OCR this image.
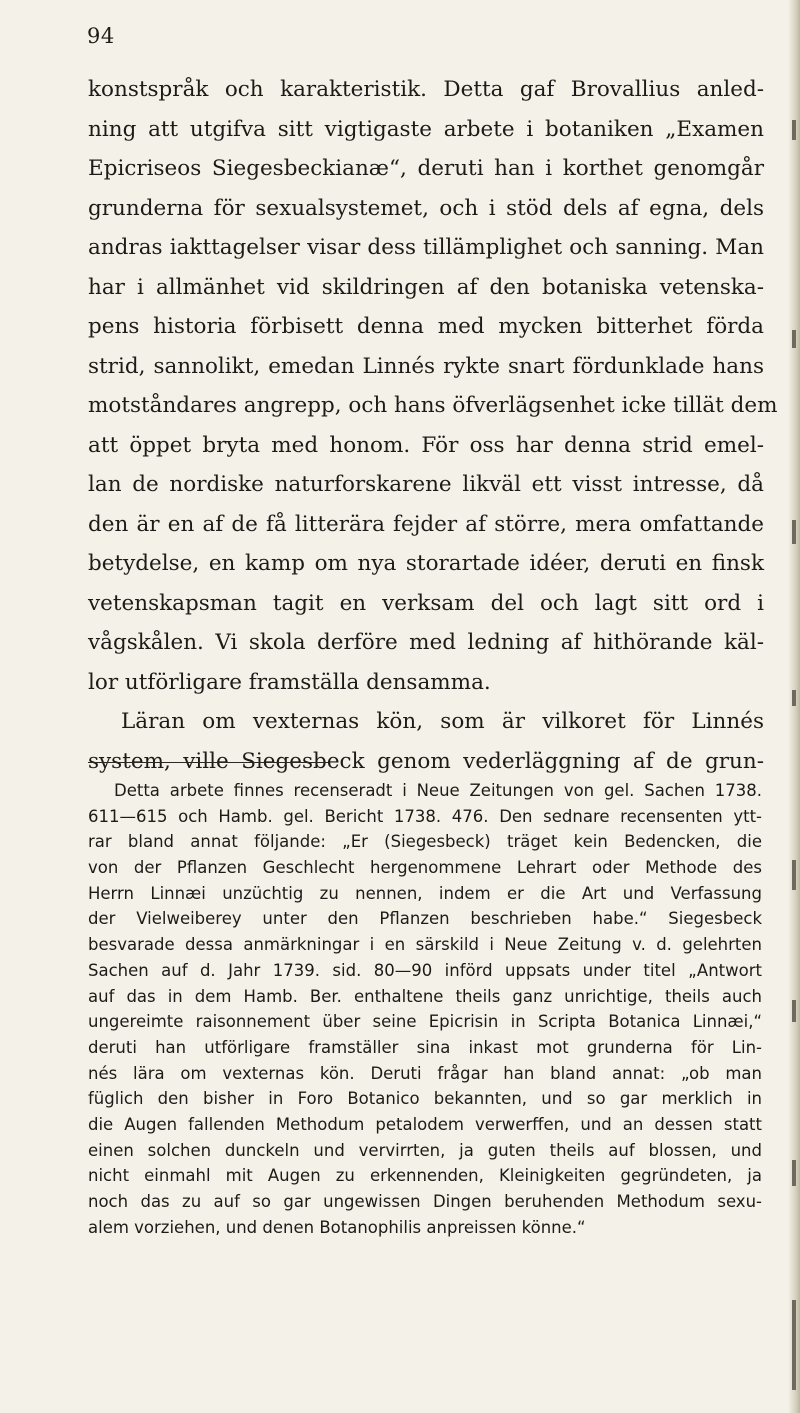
94
konstspråk och karakteristik. Detta gaf Brovallius anled-
ning att utgifva sitt vigtigaste arbete i botaniken „Examen
Epicriseos Siegesbeckianæ“, deruti han i korthet genomgår
grunderna för sexualsystemet, och i stöd dels af egna, dels
andras iakttagelser visar dess tillämplighet och sanning. Man
har i allmänhet vid skildringen af den botaniska vetenska-
pens historia förbisett denna med mycken bitterhet förda
strid, sannolikt, emedan Linnés rykte snart fördunklade hans
motståndares angrepp, och hans öfverlägsenhet icke tillät dem
att öppet bryta med honom. För oss har denna strid emel-
lan de nordiske naturforskarene likväl ett visst intresse, då
den är en af de få litterära fejder af större, mera omfattande
betydelse, en kamp om nya storartade idéer, deruti en finsk
vetenskapsman tagit en verksam del och lagt sitt ord i
vågskålen. Vi skola derföre med ledning af hithörande käl-
lor utförligare framställa densamma.
Läran om vexternas kön, som är vilkoret för Linnés
system, ville Siegesbeck genom vederläggning af de grun-
Detta arbete finnes recenseradt i Neue Zeitungen von gel. Sachen 1738.
611—615 och Hamb. gel. Bericht 1738. 476. Den sednare recensenten ytt-
rar bland annat följande: „Er (Siegesbeck) träget kein Bedencken, die
von der Pflanzen Geschlecht hergenommene Lehrart oder Methode des
Herrn Linnæi unzüchtig zu nennen, indem er die Art und Verfassung
der Vielweiberey unter den Pflanzen beschrieben habe.“ Siegesbeck
besvarade dessa anmärkningar i en särskild i Neue Zeitung v. d. gelehrten
Sachen auf d. Jahr 1739. sid. 80—90 införd uppsats under titel „Antwort
auf das in dem Hamb. Ber. enthaltene theils ganz unrichtige, theils auch
ungereimte raisonnement über seine Epicrisin in Scripta Botanica Linnæi,“
deruti han utförligare framställer sina inkast mot grunderna för Lin-
nés lära om vexternas kön. Deruti frågar han bland annat: „ob man
füglich den bisher in Foro Botanico bekannten, und so gar merklich in
die Augen fallenden Methodum petalodem verwerffen, und an dessen statt
einen solchen dunckeln und vervirrten, ja guten theils auf blossen, und
nicht einmahl mit Augen zu erkennenden, Kleinigkeiten gegründeten, ja
noch das zu auf so gar ungewissen Dingen beruhenden Methodum sexu-
alem vorziehen, und denen Botanophilis anpreissen könne.“
